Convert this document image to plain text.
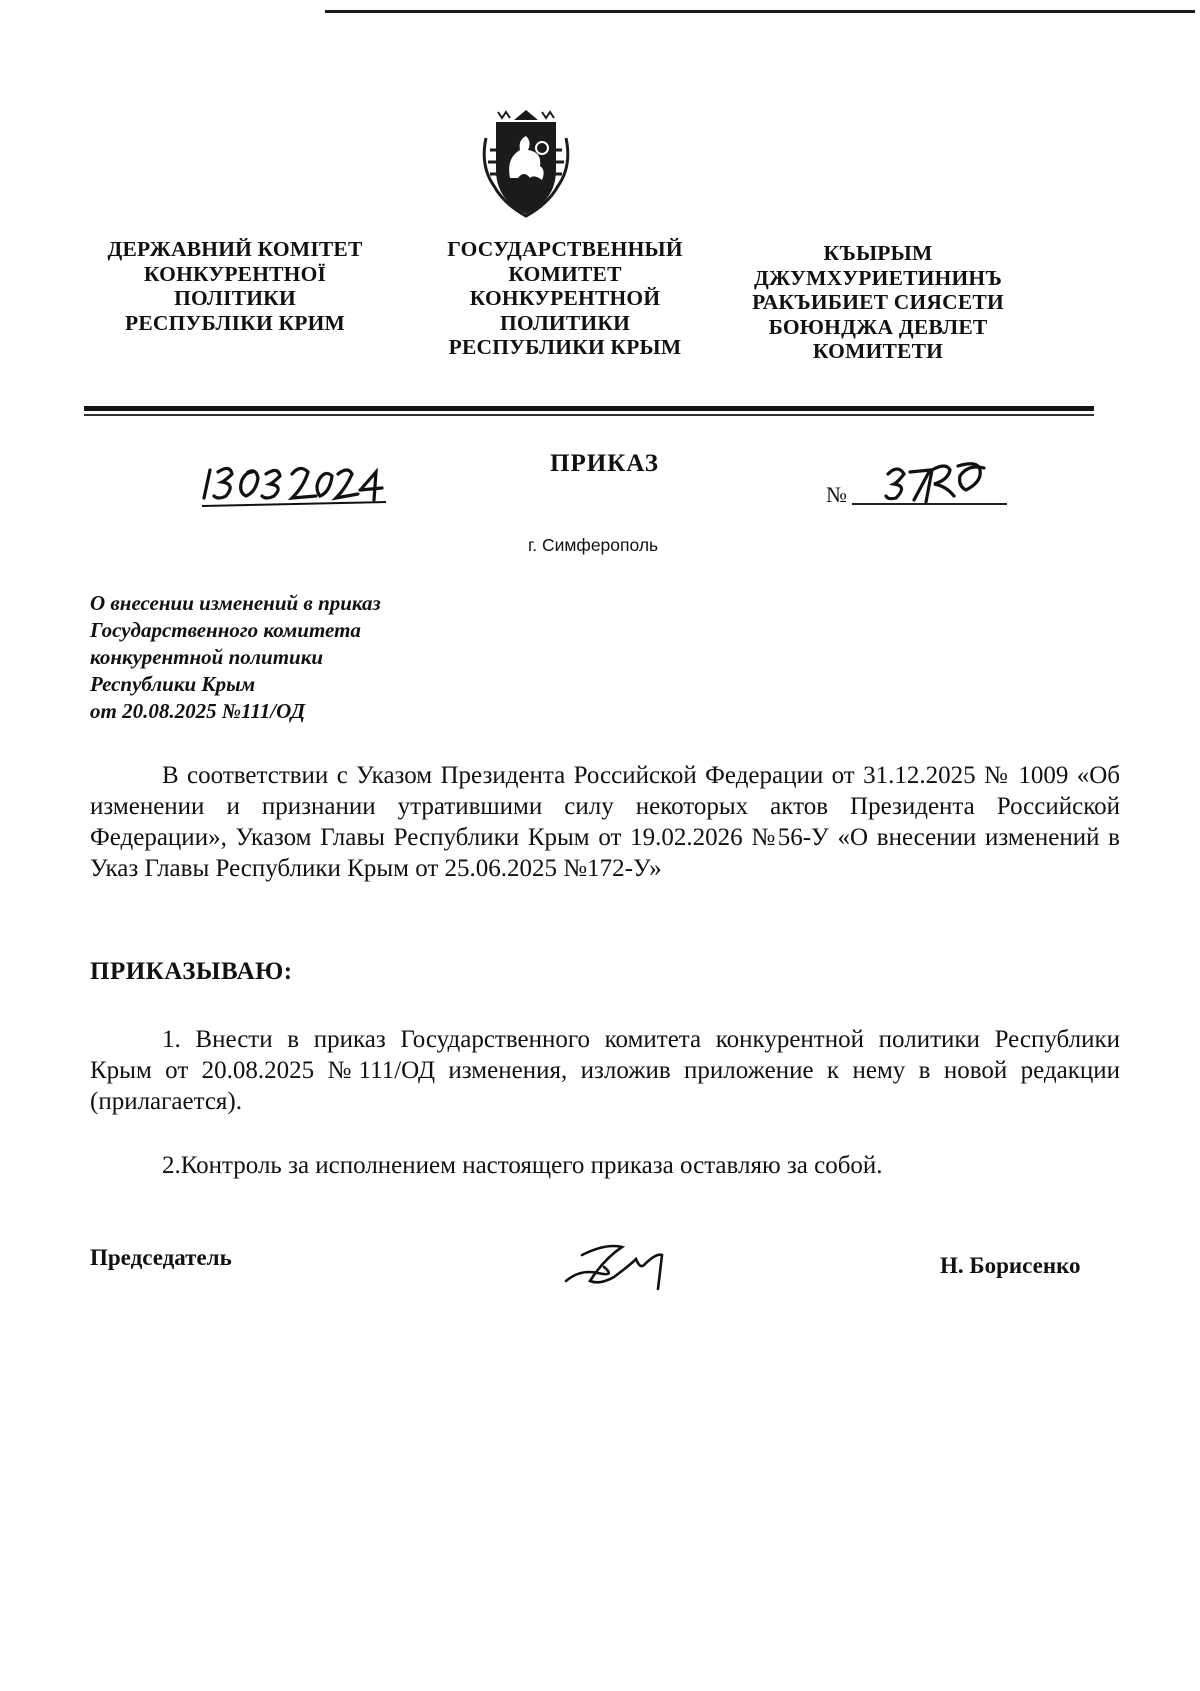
ДЕРЖАВНИЙ КОМІТЕТ
КОНКУРЕНТНОЇ
ПОЛІТИКИ
РЕСПУБЛІКИ КРИМ
ГОСУДАРСТВЕННЫЙ
КОМИТЕТ
КОНКУРЕНТНОЙ
ПОЛИТИКИ
РЕСПУБЛИКИ КРЫМ
КЪЫРЫМ
ДЖУМХУРИЕТИНИНЪ
РАКЪИБИЕТ СИЯСЕТИ
БОЮНДЖА ДЕВЛЕТ
КОМИТЕТИ
ПРИКАЗ
№
г. Симферополь
О внесении изменений в приказ
Государственного комитета
конкурентной политики
Республики Крым
от 20.08.2025 №111/ОД
В соответствии с Указом Президента Российской Федерации от 31.12.2025 № 1009 «Об изменении и признании утратившими силу некоторых актов Президента Российской Федерации», Указом Главы Республики Крым от 19.02.2026 №56-У «О внесении изменений в Указ Главы Республики Крым от 25.06.2025 №172-У»
ПРИКАЗЫВАЮ:
1. Внести в приказ Государственного комитета конкурентной политики Республики Крым от 20.08.2025 №111/ОД изменения, изложив приложение к нему в новой редакции (прилагается).
2.Контроль за исполнением настоящего приказа оставляю за собой.
Председатель	Н. Борисенко
